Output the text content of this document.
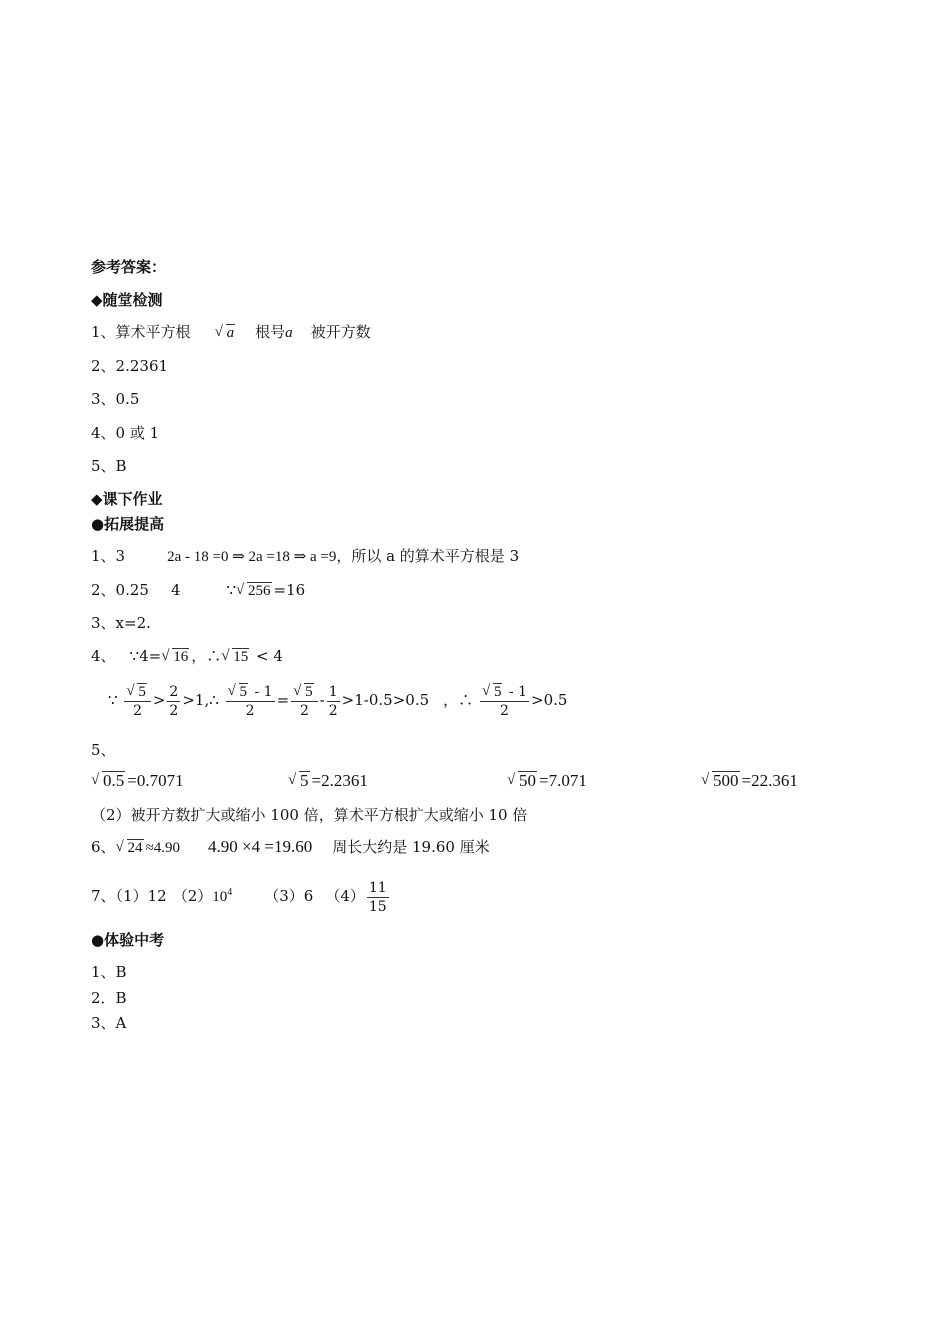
参考答案：
◆随堂检测
1、算术平方根 √ a 根号a 被开方数
2、2.2361
3、0.5
4、0 或 1
5、B
◆课下作业
●拓展提高
1、3	2a - 18 =0 ⇒ 2a =18 ⇒ a =9，所以 a 的算术平方根是 3
2、0.25 4	∵ √ 256 =16
3、x=2.
4、 ∵4= √ 16 ，∴ √ 15 < 4
∵ √ $\frac{5}{2} > \frac{2}{2}$ >1,∴ √ $\frac{5 - 1}{2}$ = √ $\frac{5}{2} - \frac{1}{2} >1-0.5>0.5$ ，∴ √ $\frac{5 - 1}{2} >0.5$
5、
√ 0.5 =0.7071	√ 5 =2.2361	√ 50 =7.071	√ 500 =22.361
（2）被开方数扩大或缩小 100 倍，算术平方根扩大或缩小 10 倍
6、 √ 24 ≈4.90 4.90 ×4 =19.60 周长大约是 19.60 厘米
7、（1）12 $(2)10^4$ （3）6 $(4) \frac{11}{15}$
●体验中考
1、B
2．B
3、A
